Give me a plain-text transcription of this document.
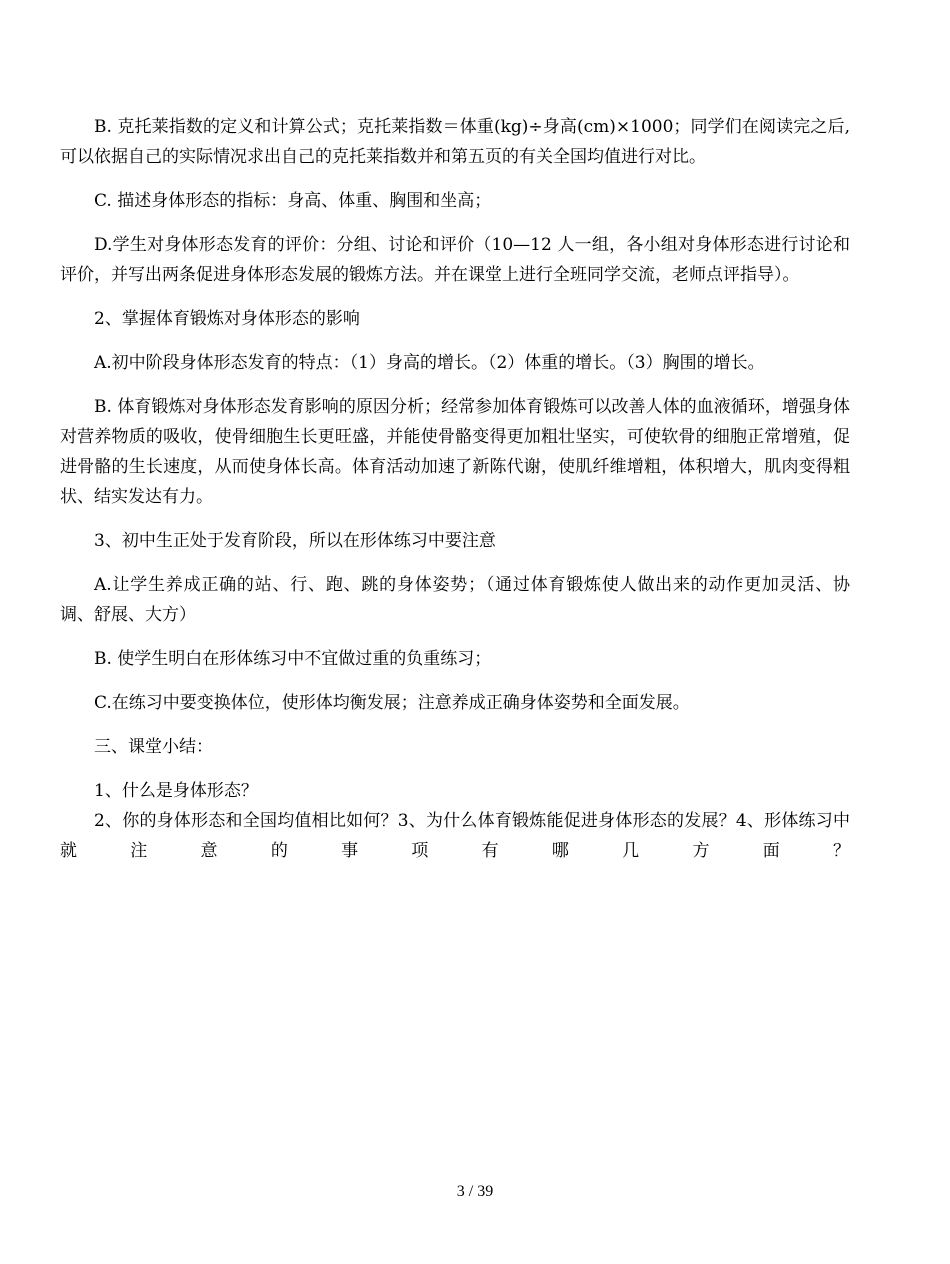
B. 克托莱指数的定义和计算公式；克托莱指数＝体重(kg)÷身高(cm)×1000；同学们在阅读完之后,可以依据自己的实际情况求出自己的克托莱指数并和第五页的有关全国均值进行对比。

C. 描述身体形态的指标：身高、体重、胸围和坐高；

D.学生对身体形态发育的评价：分组、讨论和评价（10—12 人一组，各小组对身体形态进行讨论和评价，并写出两条促进身体形态发展的锻炼方法。并在课堂上进行全班同学交流，老师点评指导）。

2、掌握体育锻炼对身体形态的影响

A.初中阶段身体形态发育的特点：（1）身高的增长。（2）体重的增长。（3）胸围的增长。

B. 体育锻炼对身体形态发育影响的原因分析；经常参加体育锻炼可以改善人体的血液循环，增强身体对营养物质的吸收，使骨细胞生长更旺盛，并能使骨骼变得更加粗壮坚实，可使软骨的细胞正常增殖，促进骨骼的生长速度，从而使身体长高。体育活动加速了新陈代谢，使肌纤维增粗，体积增大，肌肉变得粗状、结实发达有力。

3、初中生正处于发育阶段，所以在形体练习中要注意

A.让学生养成正确的站、行、跑、跳的身体姿势；（通过体育锻炼使人做出来的动作更加灵活、协调、舒展、大方）

B. 使学生明白在形体练习中不宜做过重的负重练习；

C.在练习中要变换体位，使形体均衡发展；注意养成正确身体姿势和全面发展。

三、课堂小结：

1、什么是身体形态？

2、你的身体形态和全国均值相比如何？3、为什么体育锻炼能促进身体形态的发展？4、形体练习中就注意的事项有哪几方面？

3 / 39
